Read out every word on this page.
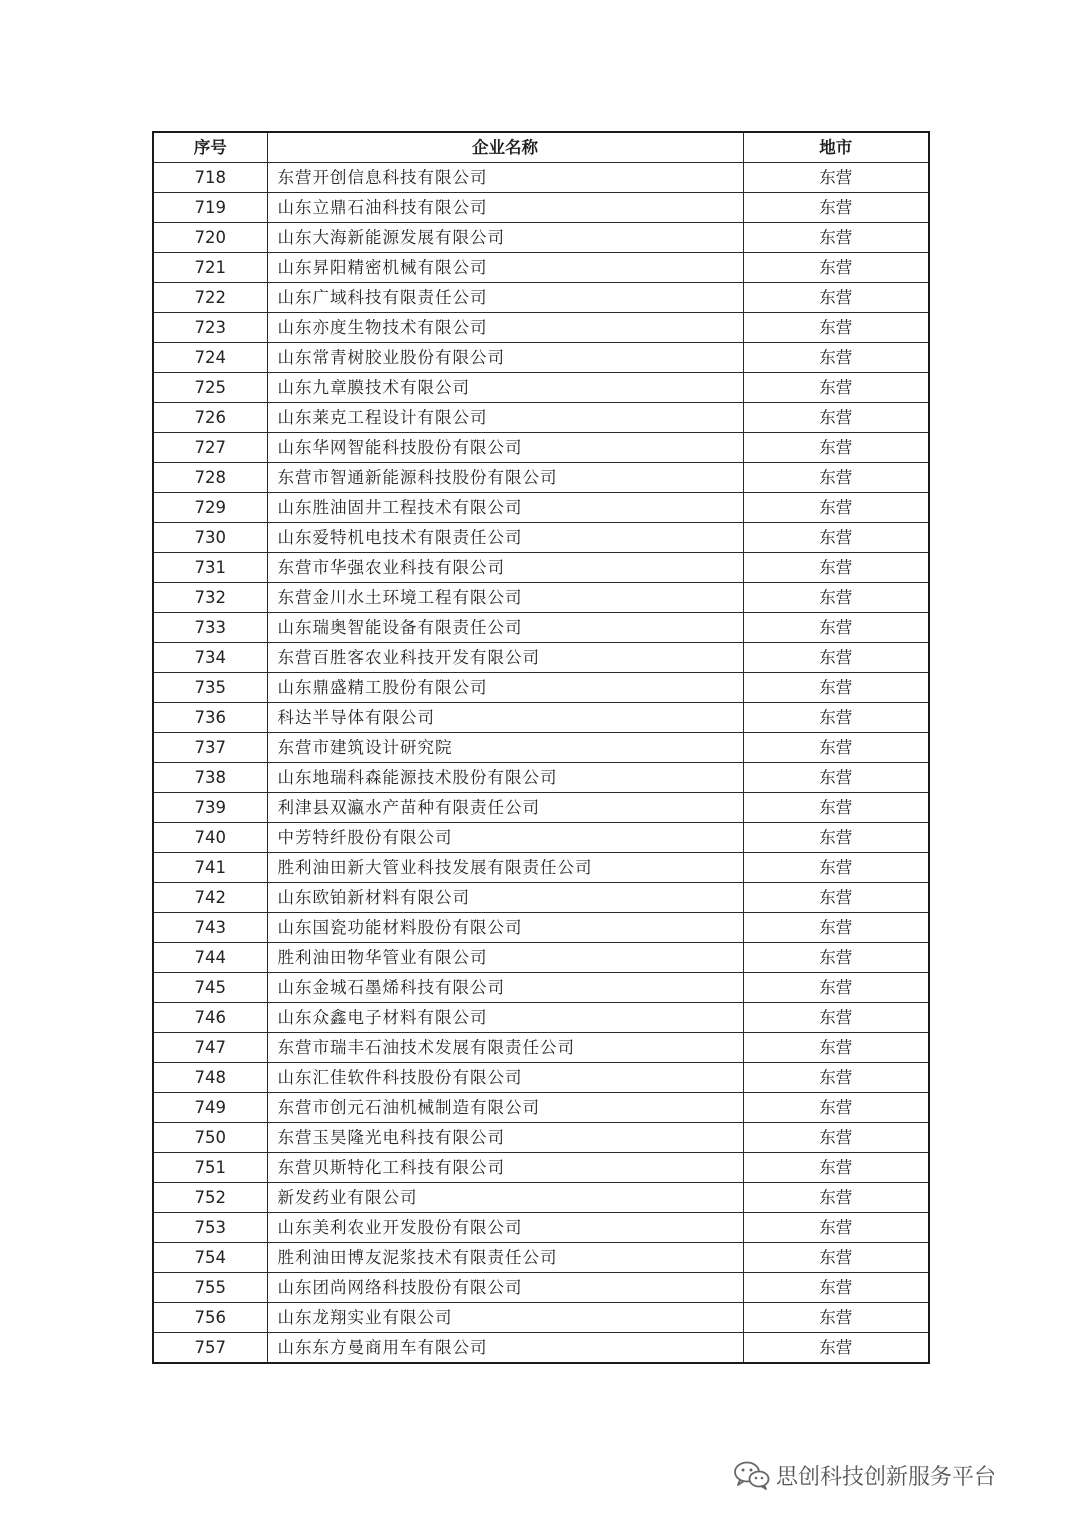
序号	企业名称	地市
718	东营开创信息科技有限公司	东营
719	山东立鼎石油科技有限公司	东营
720	山东大海新能源发展有限公司	东营
721	山东昇阳精密机械有限公司	东营
722	山东广域科技有限责任公司	东营
723	山东亦度生物技术有限公司	东营
724	山东常青树胶业股份有限公司	东营
725	山东九章膜技术有限公司	东营
726	山东莱克工程设计有限公司	东营
727	山东华网智能科技股份有限公司	东营
728	东营市智通新能源科技股份有限公司	东营
729	山东胜油固井工程技术有限公司	东营
730	山东爱特机电技术有限责任公司	东营
731	东营市华强农业科技有限公司	东营
732	东营金川水土环境工程有限公司	东营
733	山东瑞奥智能设备有限责任公司	东营
734	东营百胜客农业科技开发有限公司	东营
735	山东鼎盛精工股份有限公司	东营
736	科达半导体有限公司	东营
737	东营市建筑设计研究院	东营
738	山东地瑞科森能源技术股份有限公司	东营
739	利津县双瀛水产苗种有限责任公司	东营
740	中芳特纤股份有限公司	东营
741	胜利油田新大管业科技发展有限责任公司	东营
742	山东欧铂新材料有限公司	东营
743	山东国瓷功能材料股份有限公司	东营
744	胜利油田物华管业有限公司	东营
745	山东金城石墨烯科技有限公司	东营
746	山东众鑫电子材料有限公司	东营
747	东营市瑞丰石油技术发展有限责任公司	东营
748	山东汇佳软件科技股份有限公司	东营
749	东营市创元石油机械制造有限公司	东营
750	东营玉昊隆光电科技有限公司	东营
751	东营贝斯特化工科技有限公司	东营
752	新发药业有限公司	东营
753	山东美利农业开发股份有限公司	东营
754	胜利油田博友泥浆技术有限责任公司	东营
755	山东团尚网络科技股份有限公司	东营
756	山东龙翔实业有限公司	东营
757	山东东方曼商用车有限公司	东营
思创科技创新服务平台
